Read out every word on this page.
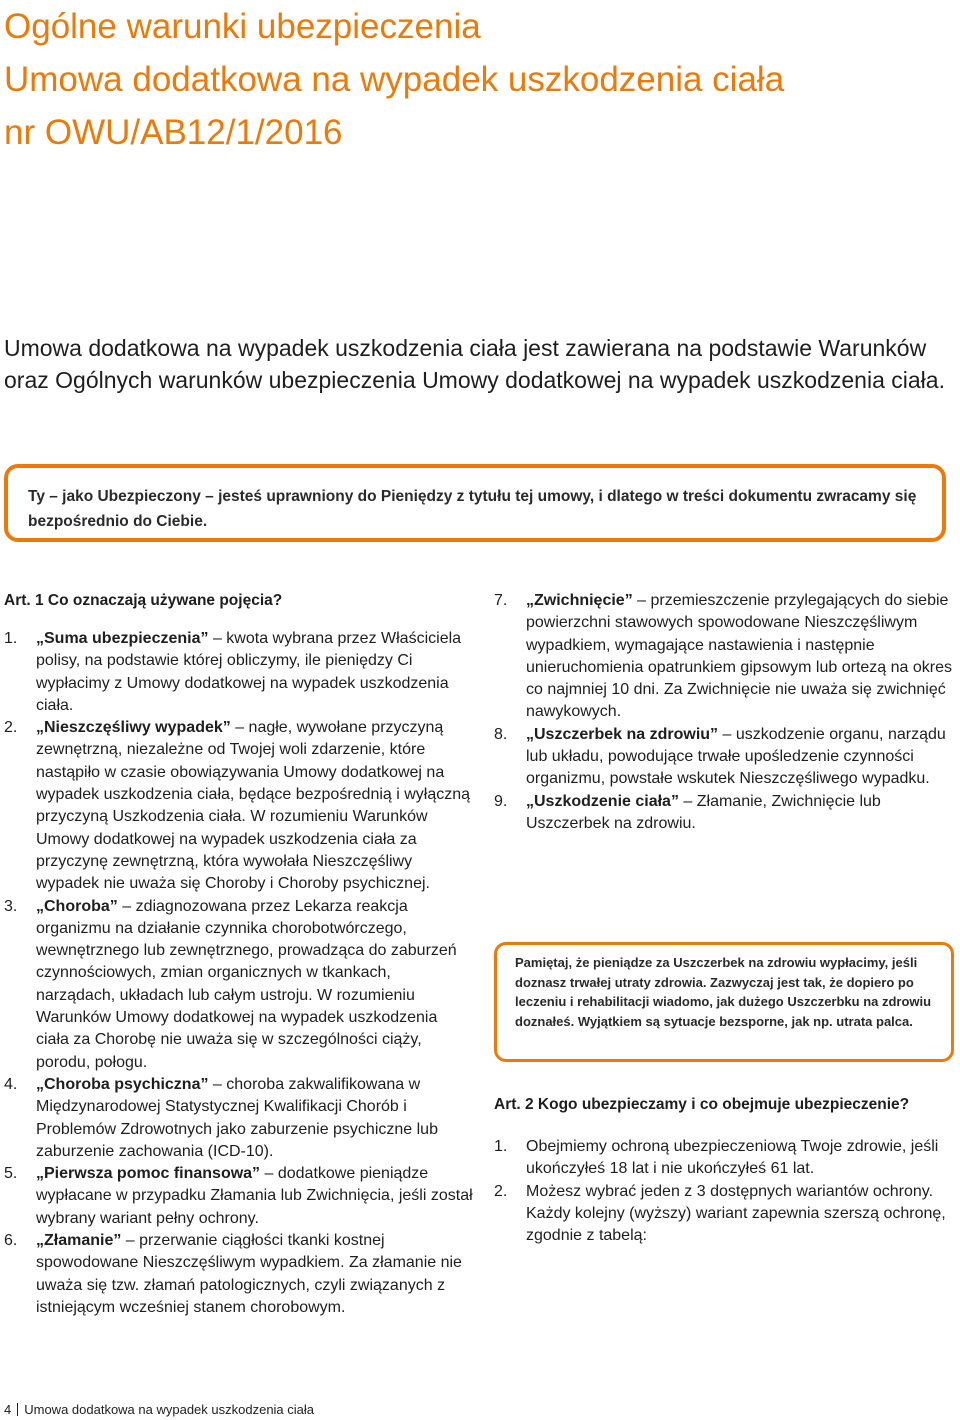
Ogólne warunki ubezpieczenia
Umowa dodatkowa na wypadek uszkodzenia ciała
nr OWU/AB12/1/2016
Umowa dodatkowa na wypadek uszkodzenia ciała jest zawierana na podstawie Warunków oraz Ogólnych warunków ubezpieczenia Umowy dodatkowej na wypadek uszkodzenia ciała.
Ty – jako Ubezpieczony – jesteś uprawniony do Pieniędzy z tytułu tej umowy, i dlatego w treści dokumentu zwracamy się bezpośrednio do Ciebie.
Art. 1 Co oznaczają używane pojęcia?
1. „Suma ubezpieczenia” – kwota wybrana przez Właściciela polisy, na podstawie której obliczymy, ile pieniędzy Ci wypłacimy z Umowy dodatkowej na wypadek uszkodzenia ciała.
2. „Nieszczęśliwy wypadek” – nagłe, wywołane przyczyną zewnętrzną, niezależne od Twojej woli zdarzenie, które nastąpiło w czasie obowiązywania Umowy dodatkowej na wypadek uszkodzenia ciała, będące bezpośrednią i wyłączną przyczyną Uszkodzenia ciała. W rozumieniu Warunków Umowy dodatkowej na wypadek uszkodzenia ciała za przyczynę zewnętrzną, która wywołała Nieszczęśliwy wypadek nie uważa się Choroby i Choroby psychicznej.
3. „Choroba” – zdiagnozowana przez Lekarza reakcja organizmu na działanie czynnika chorobotwórczego, wewnętrznego lub zewnętrznego, prowadząca do zaburzeń czynnościowych, zmian organicznych w tkankach, narządach, układach lub całym ustroju. W rozumieniu Warunków Umowy dodatkowej na wypadek uszkodzenia ciała za Chorobę nie uważa się w szczególności ciąży, porodu, połogu.
4. „Choroba psychiczna” – choroba zakwalifikowana w Międzynarodowej Statystycznej Kwalifikacji Chorób i Problemów Zdrowotnych jako zaburzenie psychiczne lub zaburzenie zachowania (ICD-10).
5. „Pierwsza pomoc finansowa” – dodatkowe pieniądze wypłacane w przypadku Złamania lub Zwichnięcia, jeśli został wybrany wariant pełny ochrony.
6. „Złamanie” – przerwanie ciągłości tkanki kostnej spowodowane Nieszczęśliwym wypadkiem. Za złamanie nie uważa się tzw. złamań patologicznych, czyli związanych z istniejącym wcześniej stanem chorobowym.
7. „Zwichnięcie” – przemieszczenie przylegających do siebie powierzchni stawowych spowodowane Nieszczęśliwym wypadkiem, wymagające nastawienia i następnie unieruchomienia opatrunkiem gipsowym lub ortezą na okres co najmniej 10 dni. Za Zwichnięcie nie uważa się zwichnięć nawykowych.
8. „Uszczerbek na zdrowiu” – uszkodzenie organu, narządu lub układu, powodujące trwałe upośledzenie czynności organizmu, powstałe wskutek Nieszczęśliwego wypadku.
9. „Uszkodzenie ciała” – Złamanie, Zwichnięcie lub Uszczerbek na zdrowiu.
Pamiętaj, że pieniądze za Uszczerbek na zdrowiu wypłacimy, jeśli doznasz trwałej utraty zdrowia. Zazwyczaj jest tak, że dopiero po leczeniu i rehabilitacji wiadomo, jak dużego Uszczerbku na zdrowiu doznałeś. Wyjątkiem są sytuacje bezsporne, jak np. utrata palca.
Art. 2 Kogo ubezpieczamy i co obejmuje ubezpieczenie?
1. Obejmiemy ochroną ubezpieczeniową Twoje zdrowie, jeśli ukończyłeś 18 lat i nie ukończyłeś 61 lat.
2. Możesz wybrać jeden z 3 dostępnych wariantów ochrony. Każdy kolejny (wyższy) wariant zapewnia szerszą ochronę, zgodnie z tabelą:
4 Umowa dodatkowa na wypadek uszkodzenia ciała
